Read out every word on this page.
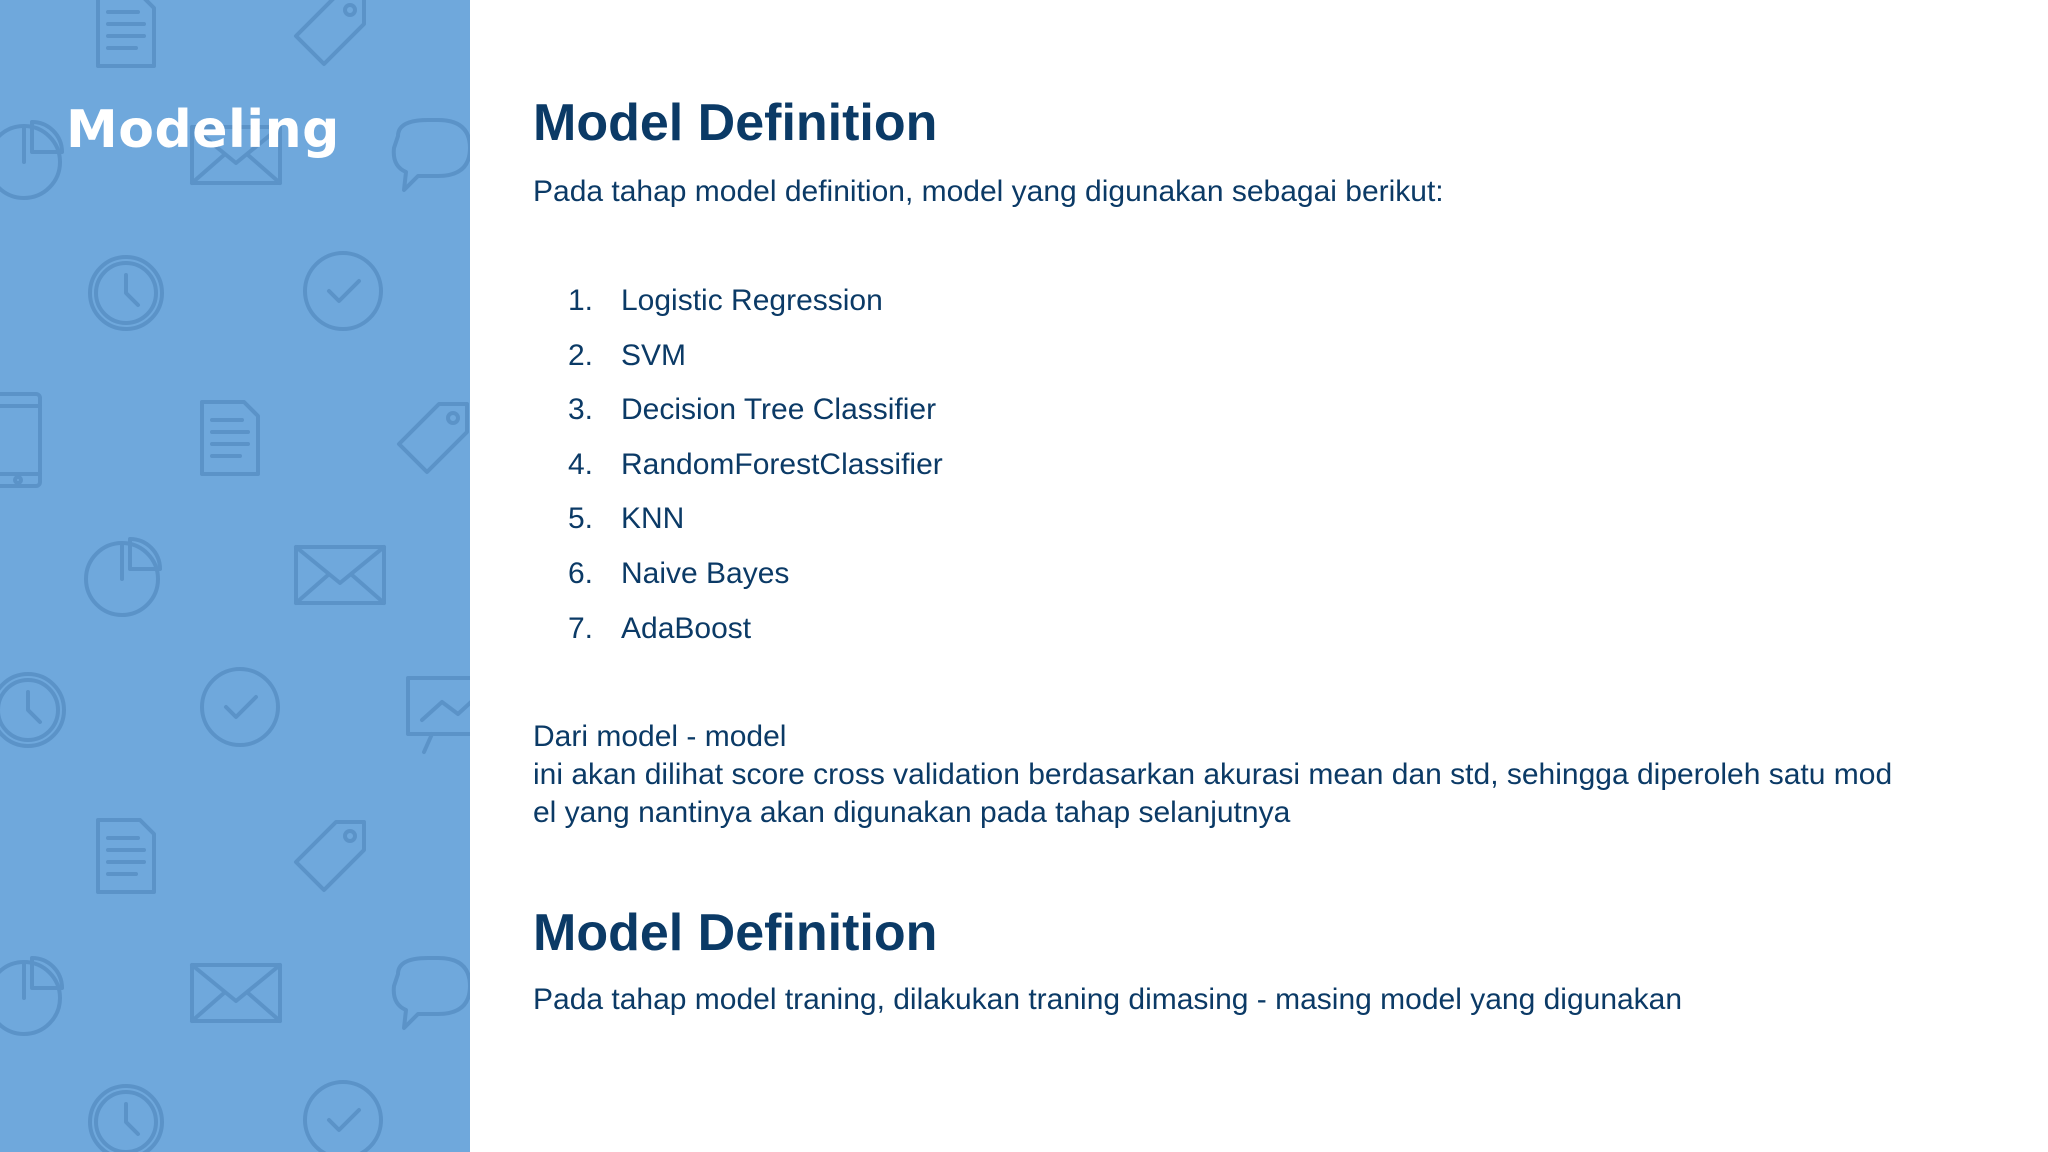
Modeling	Model Definition

Pada tahap model definition, model yang digunakan sebagai berikut:

1. Logistic Regression
2. SVM
3. Decision Tree Classifier
4. RandomForestClassifier
5. KNN
6. Naive Bayes
7. AdaBoost

Dari model - model
ini akan dilihat score cross validation berdasarkan akurasi mean dan std, sehingga diperoleh satu mod
el yang nantinya akan digunakan pada tahap selanjutnya

Model Definition

Pada tahap model traning, dilakukan traning dimasing - masing model yang digunakan
